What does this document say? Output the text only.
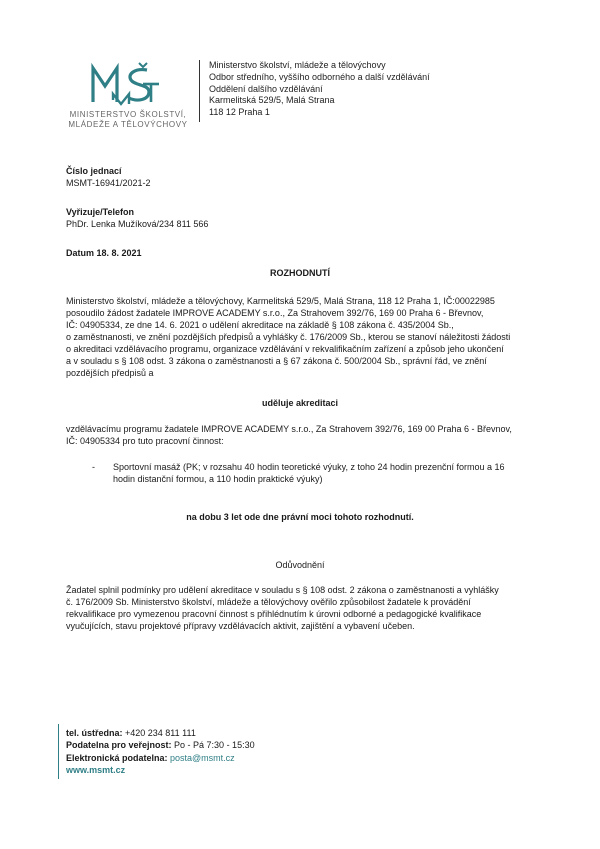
MINISTERSTVO ŠKOLSTVÍ,
MLÁDEŽE A TĚLOVÝCHOVY
Ministerstvo školství, mládeže a tělovýchovy
Odbor středního, vyššího odborného a další vzdělávání
Oddělení dalšího vzdělávání
Karmelitská 529/5, Malá Strana
118 12 Praha 1
Číslo jednací
MSMT-16941/2021-2
Vyřizuje/Telefon
PhDr. Lenka Mužíková/234 811 566
Datum 18. 8. 2021
ROZHODNUTÍ
Ministerstvo školství, mládeže a tělovýchovy, Karmelitská 529/5, Malá Strana, 118 12 Praha 1, IČ:00022985
posoudilo žádost žadatele IMPROVE ACADEMY s.r.o., Za Strahovem 392/76, 169 00 Praha 6 - Břevnov,
IČ: 04905334, ze dne 14. 6. 2021 o udělení akreditace na základě § 108 zákona č. 435/2004 Sb.,
o zaměstnanosti, ve znění pozdějších předpisů a vyhlášky č. 176/2009 Sb., kterou se stanoví náležitosti žádosti
o akreditaci vzdělávacího programu, organizace vzdělávání v rekvalifikačním zařízení a způsob jeho ukončení
a v souladu s § 108 odst. 3 zákona o zaměstnanosti a § 67 zákona č. 500/2004 Sb., správní řád, ve znění
pozdějších předpisů a
uděluje akreditaci
vzdělávacímu programu žadatele IMPROVE ACADEMY s.r.o., Za Strahovem 392/76, 169 00 Praha 6 - Břevnov,
IČ: 04905334 pro tuto pracovní činnost:
- Sportovní masáž (PK; v rozsahu 40 hodin teoretické výuky, z toho 24 hodin prezenční formou a 16
hodin distanční formou, a 110 hodin praktické výuky)
na dobu 3 let ode dne právní moci tohoto rozhodnutí.
Odůvodnění
Žadatel splnil podmínky pro udělení akreditace v souladu s § 108 odst. 2 zákona o zaměstnanosti a vyhlášky
č. 176/2009 Sb. Ministerstvo školství, mládeže a tělovýchovy ověřilo způsobilost žadatele k provádění
rekvalifikace pro vymezenou pracovní činnost s přihlédnutím k úrovni odborné a pedagogické kvalifikace
vyučujících, stavu projektové přípravy vzdělávacích aktivit, zajištění a vybavení učeben.
tel. ústředna: +420 234 811 111
Podatelna pro veřejnost: Po - Pá 7:30 - 15:30
Elektronická podatelna: posta@msmt.cz
www.msmt.cz
